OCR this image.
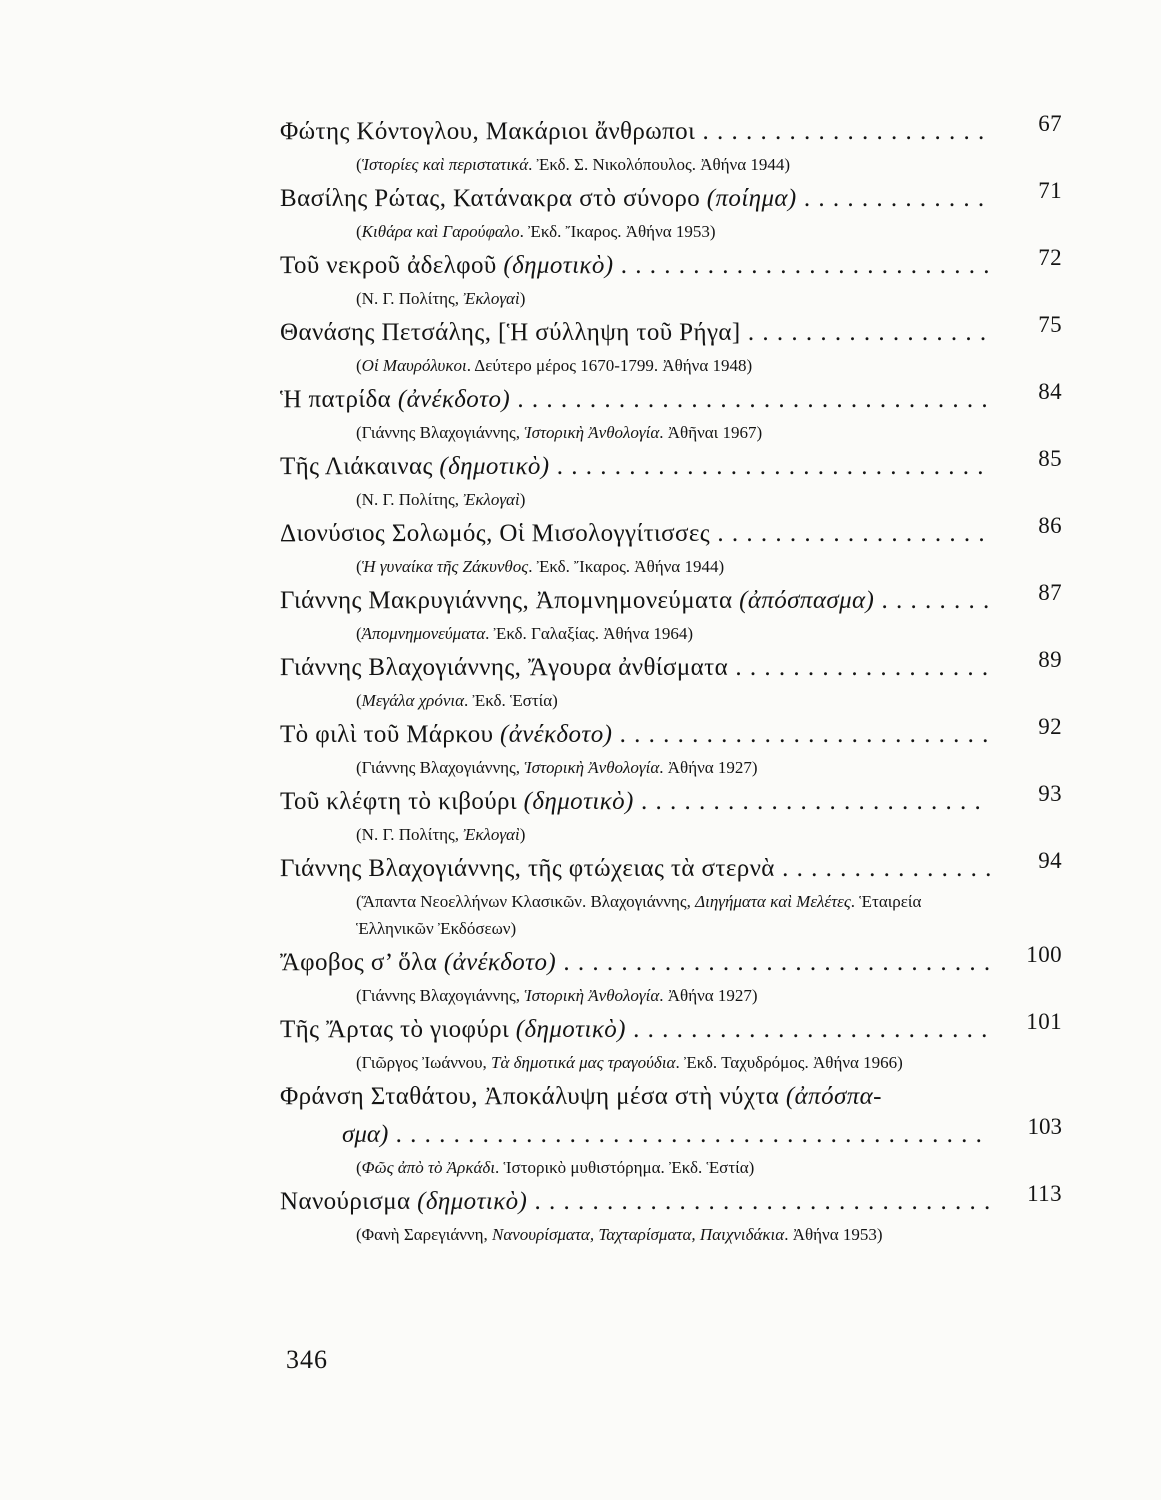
Φώτης Κόντογλου, Μακάριοι ἄνθρωποι . . .	67
(Ἱστορίες καὶ περιστατικά. Ἐκδ. Σ. Νικολόπουλος. Ἀθήνα 1944)
Βασίλης Ρώτας, Κατάνακρα στὸ σύνορο (ποίημα) . . .	71
(Κιθάρα καὶ Γαρούφαλο. Ἐκδ. Ἴκαρος. Ἀθήνα 1953)
Τοῦ νεκροῦ ἀδελφοῦ (δημοτικὸ) . . .	72
(Ν. Γ. Πολίτης, Ἐκλογαὶ)
Θανάσης Πετσάλης, [Ἡ σύλληψη τοῦ Ρήγα] . . .	75
(Οἱ Μαυρόλυκοι. Δεύτερο μέρος 1670-1799. Ἀθήνα 1948)
Ἡ πατρίδα (ἀνέκδοτο) . . .	84
(Γιάννης Βλαχογιάννης, Ἱστορικὴ Ἀνθολογία. Ἀθῆναι 1967)
Τῆς Λιάκαινας (δημοτικὸ) . . .	85
(Ν. Γ. Πολίτης, Ἐκλογαὶ)
Διονύσιος Σολωμός, Οἱ Μισολογγίτισσες . . .	86
(Ἡ γυναίκα τῆς Ζάκυνθος. Ἐκδ. Ἴκαρος. Ἀθήνα 1944)
Γιάννης Μακρυγιάννης, Ἀπομνημονεύματα (ἀπόσπασμα) . . .	87
(Ἀπομνημονεύματα. Ἐκδ. Γαλαξίας. Ἀθήνα 1964)
Γιάννης Βλαχογιάννης, Ἄγουρα ἀνθίσματα . . .	89
(Μεγάλα χρόνια. Ἐκδ. Ἑστία)
Τὸ φιλὶ τοῦ Μάρκου (ἀνέκδοτο) . . .	92
(Γιάννης Βλαχογιάννης, Ἱστορικὴ Ἀνθολογία. Ἀθήνα 1927)
Τοῦ κλέφτη τὸ κιβούρι (δημοτικὸ) . . .	93
(Ν. Γ. Πολίτης, Ἐκλογαὶ)
Γιάννης Βλαχογιάννης, τῆς φτώχειας τὰ στερνὰ . . .	94
(Ἅπαντα Νεοελλήνων Κλασικῶν. Βλαχογιάννης, Διηγήματα καὶ Μελέτες. Ἑταιρεία Ἑλληνικῶν Ἐκδόσεων)
Ἄφοβος σ’ ὅλα (ἀνέκδοτο) . . .	100
(Γιάννης Βλαχογιάννης, Ἱστορικὴ Ἀνθολογία. Ἀθήνα 1927)
Τῆς Ἄρτας τὸ γιοφύρι (δημοτικὸ) . . .	101
(Γιῶργος Ἰωάννου, Τὰ δημοτικά μας τραγούδια. Ἐκδ. Ταχυδρόμος. Ἀθήνα 1966)
Φράνση Σταθάτου, Ἀποκάλυψη μέσα στὴ νύχτα (ἀπόσπα-
σμα) . . .	103
(Φῶς ἀπὸ τὸ Ἀρκάδι. Ἱστορικὸ μυθιστόρημα. Ἐκδ. Ἑστία)
Νανούρισμα (δημοτικὸ) . . .	113
(Φανὴ Σαρεγιάννη, Νανουρίσματα, Ταχταρίσματα, Παιχνιδάκια. Ἀθήνα 1953)
346
